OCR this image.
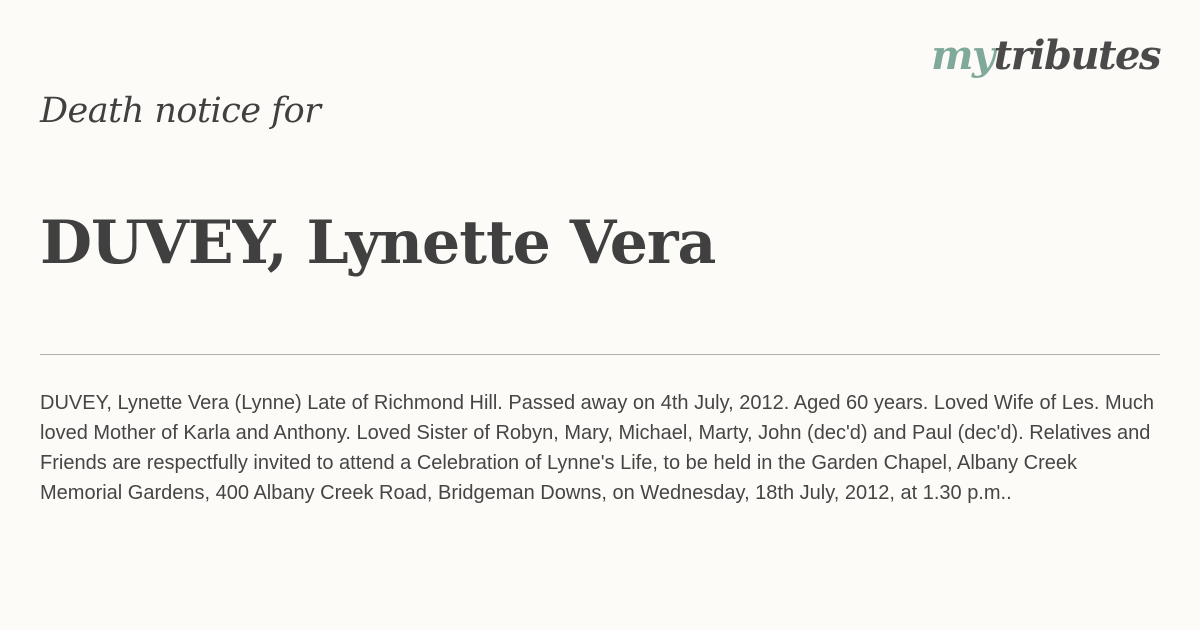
mytributes
Death notice for
DUVEY, Lynette Vera

DUVEY, Lynette Vera (Lynne) Late of Richmond Hill. Passed away on 4th July, 2012. Aged 60 years. Loved Wife of Les. Much loved Mother of Karla and Anthony. Loved Sister of Robyn, Mary, Michael, Marty, John (dec'd) and Paul (dec'd). Relatives and Friends are respectfully invited to attend a Celebration of Lynne's Life, to be held in the Garden Chapel, Albany Creek Memorial Gardens, 400 Albany Creek Road, Bridgeman Downs, on Wednesday, 18th July, 2012, at 1.30 p.m..
